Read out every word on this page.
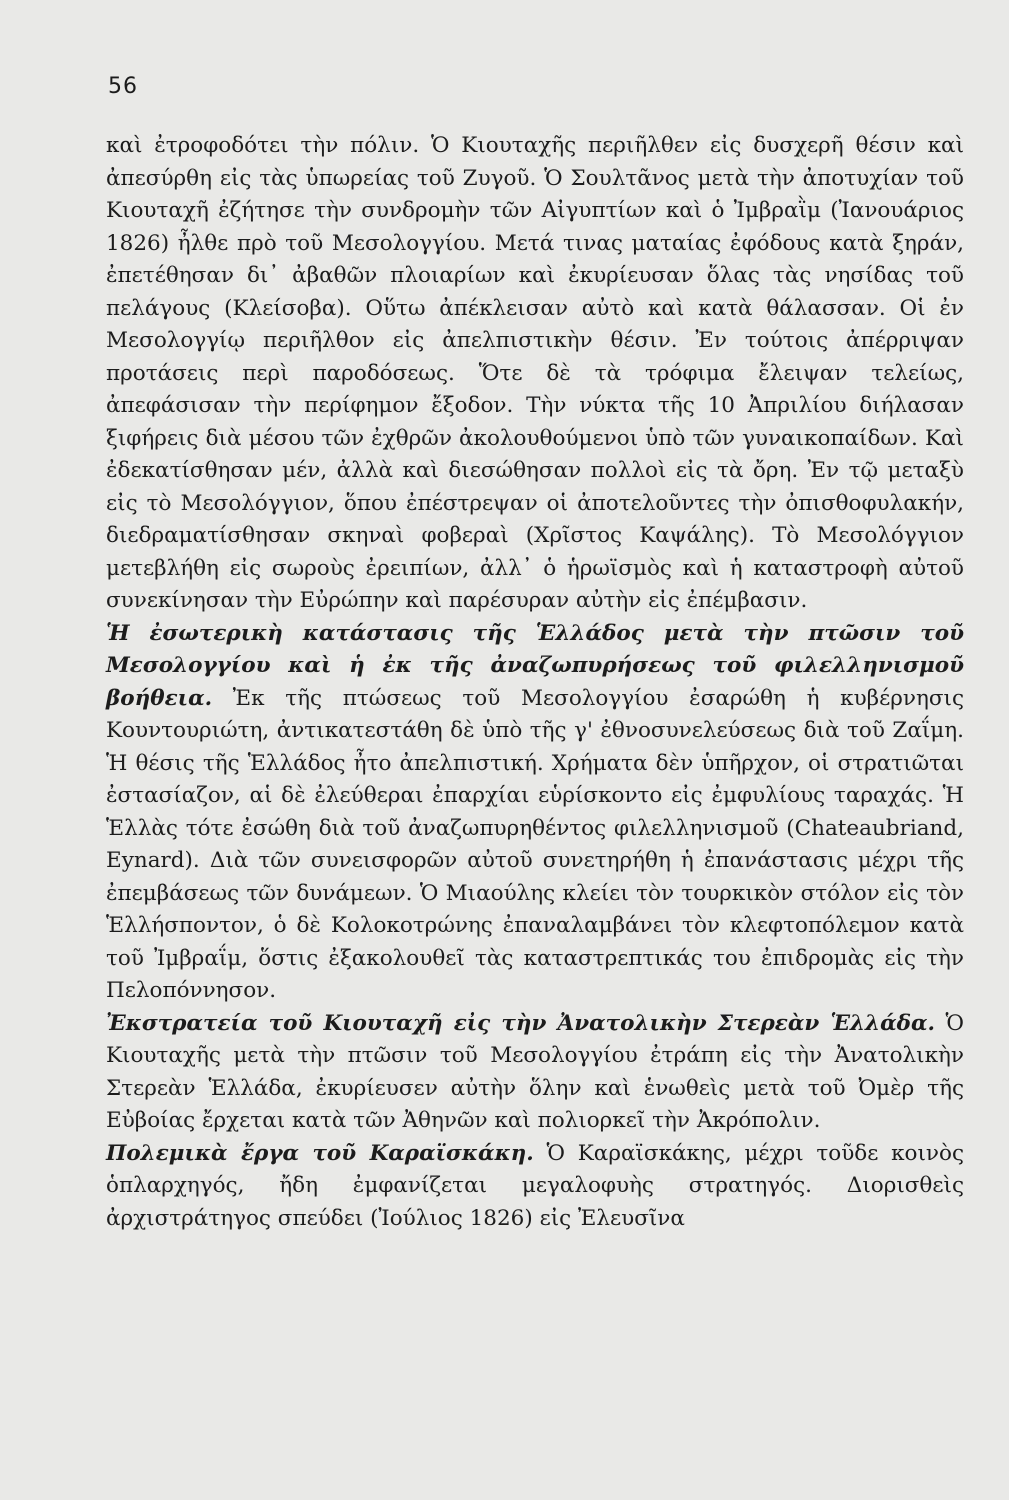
56

καὶ ἐτροφοδότει τὴν πόλιν. Ὁ Κιουταχῆς περιῆλθεν εἰς δυσχερῆ θέσιν καὶ ἀπεσύρθη εἰς τὰς ὑπωρείας τοῦ Ζυγοῦ. Ὁ Σουλτᾶνος μετὰ τὴν ἀποτυχίαν τοῦ Κιουταχῆ ἐζήτησε τὴν συνδρομὴν τῶν Αἰγυπτίων καὶ ὁ Ἰμβραῒμ (Ἰανουάριος 1826) ἦλθε πρὸ τοῦ Μεσολογγίου. Μετά τινας ματαίας ἐφόδους κατὰ ξηράν, ἐπετέθησαν δι᾿ ἀβαθῶν πλοιαρίων καὶ ἐκυρίευσαν ὅλας τὰς νησίδας τοῦ πελάγους (Κλείσοβα). Οὕτω ἀπέκλεισαν αὐτὸ καὶ κατὰ θάλασσαν. Οἱ ἐν Μεσολογγίῳ περιῆλθον εἰς ἀπελπιστικὴν θέσιν. Ἐν τούτοις ἀπέρριψαν προτάσεις περὶ παροδόσεως. Ὅτε δὲ τὰ τρόφιμα ἔλειψαν τελείως, ἀπεφάσισαν τὴν περίφημον ἔξοδον. Τὴν νύκτα τῆς 10 Ἀπριλίου διήλασαν ξιφήρεις διὰ μέσου τῶν ἐχθρῶν ἀκολουθούμενοι ὑπὸ τῶν γυναικοπαίδων. Καὶ ἐδεκατίσθησαν μέν, ἀλλὰ καὶ διεσώθησαν πολλοὶ εἰς τὰ ὄρη. Ἐν τῷ μεταξὺ εἰς τὸ Μεσολόγγιον, ὅπου ἐπέστρεψαν οἱ ἀποτελοῦντες τὴν ὀπισθοφυλακήν, διεδραματίσθησαν σκηναὶ φοβεραὶ (Χρῖστος Καψάλης). Τὸ Μεσολόγγιον μετεβλήθη εἰς σωροὺς ἐρειπίων, ἀλλ᾿ ὁ ἡρωϊσμὸς καὶ ἡ καταστροφὴ αὐτοῦ συνεκίνησαν τὴν Εὐρώπην καὶ παρέσυραν αὐτὴν εἰς ἐπέμβασιν.

Ἡ ἐσωτερικὴ κατάστασις τῆς Ἑλλάδος μετὰ τὴν πτῶσιν τοῦ Μεσολογγίου καὶ ἡ ἐκ τῆς ἀναζωπυρήσεως τοῦ φιλελληνισμοῦ βοήθεια. Ἐκ τῆς πτώσεως τοῦ Μεσολογγίου ἐσαρώθη ἡ κυβέρνησις Κουντουριώτη, ἀντικατεστάθη δὲ ὑπὸ τῆς γ' ἐθνοσυνελεύσεως διὰ τοῦ Ζαΐμη. Ἡ θέσις τῆς Ἑλλάδος ἦτο ἀπελπιστική. Χρήματα δὲν ὑπῆρχον, οἱ στρατιῶται ἐστασίαζον, αἱ δὲ ἐλεύθεραι ἐπαρχίαι εὑρίσκοντο εἰς ἐμφυλίους ταραχάς. Ἡ Ἑλλὰς τότε ἐσώθη διὰ τοῦ ἀναζωπυρηθέντος φιλελληνισμοῦ (Chateaubriand, Eynard). Διὰ τῶν συνεισφορῶν αὐτοῦ συνετηρήθη ἡ ἐπανάστασις μέχρι τῆς ἐπεμβάσεως τῶν δυνάμεων. Ὁ Μιαούλης κλείει τὸν τουρκικὸν στόλον εἰς τὸν Ἑλλήσποντον, ὁ δὲ Κολοκοτρώνης ἐπαναλαμβάνει τὸν κλεφτοπόλεμον κατὰ τοῦ Ἰμβραΐμ, ὅστις ἐξακολουθεῖ τὰς καταστρεπτικάς του ἐπιδρομὰς εἰς τὴν Πελοπόννησον.

Ἐκστρατεία τοῦ Κιουταχῆ εἰς τὴν Ἀνατολικὴν Στερεὰν Ἑλλάδα. Ὁ Κιουταχῆς μετὰ τὴν πτῶσιν τοῦ Μεσολογγίου ἐτράπη εἰς τὴν Ἀνατολικὴν Στερεὰν Ἑλλάδα, ἐκυρίευσεν αὐτὴν ὅλην καὶ ἑνωθεὶς μετὰ τοῦ Ὀμὲρ τῆς Εὐβοίας ἔρχεται κατὰ τῶν Ἀθηνῶν καὶ πολιορκεῖ τὴν Ἀκρόπολιν.

Πολεμικὰ ἔργα τοῦ Καραϊσκάκη. Ὁ Καραϊσκάκης, μέχρι τοῦδε κοινὸς ὁπλαρχηγός, ἤδη ἐμφανίζεται μεγαλοφυὴς στρατηγός. Διορισθεὶς ἀρχιστράτηγος σπεύδει (Ἰούλιος 1826) εἰς Ἐλευσῖνα
